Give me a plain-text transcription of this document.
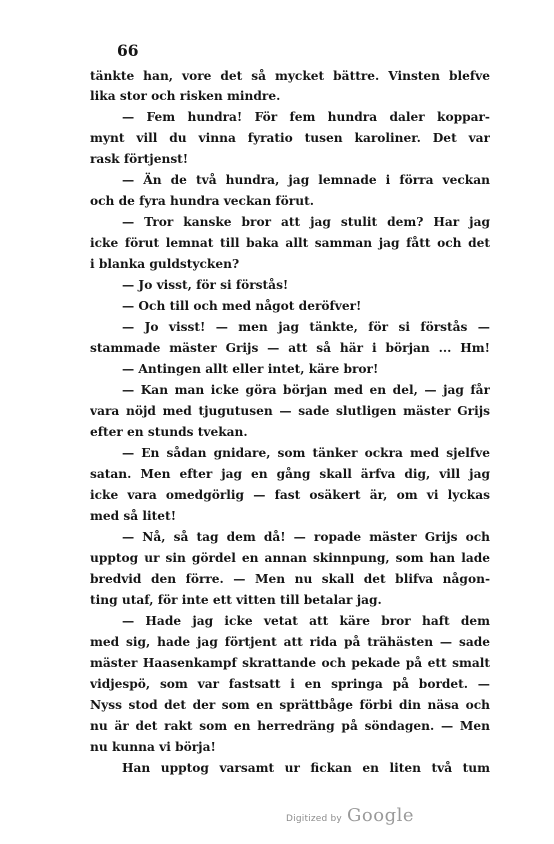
66
tänkte han, vore det så mycket bättre. Vinsten blefve
lika stor och risken mindre.
— Fem hundra! För fem hundra daler koppar-
mynt vill du vinna fyratio tusen karoliner. Det var
rask förtjenst!
— Än de två hundra, jag lemnade i förra veckan
och de fyra hundra veckan förut.
— Tror kanske bror att jag stulit dem? Har jag
icke förut lemnat till baka allt samman jag fått och det
i blanka guldstycken?
— Jo visst, för si förstås!
— Och till och med något deröfver!
— Jo visst! — men jag tänkte, för si förstås —
stammade mäster Grijs — att så här i början ... Hm!
— Antingen allt eller intet, käre bror!
— Kan man icke göra början med en del, — jag får
vara nöjd med tjugutusen — sade slutligen mäster Grijs
efter en stunds tvekan.
— En sådan gnidare, som tänker ockra med sjelfve
satan. Men efter jag en gång skall ärfva dig, vill jag
icke vara omedgörlig — fast osäkert är, om vi lyckas
med så litet!
— Nå, så tag dem då! — ropade mäster Grijs och
upptog ur sin gördel en annan skinnpung, som han lade
bredvid den förre. — Men nu skall det blifva någon-
ting utaf, för inte ett vitten till betalar jag.
— Hade jag icke vetat att käre bror haft dem
med sig, hade jag förtjent att rida på trähästen — sade
mäster Haasenkampf skrattande och pekade på ett smalt
vidjespö, som var fastsatt i en springa på bordet. —
Nyss stod det der som en sprättbåge förbi din näsa och
nu är det rakt som en herredräng på söndagen. — Men
nu kunna vi börja!
Han upptog varsamt ur fickan en liten två tum
Digitized by Google
